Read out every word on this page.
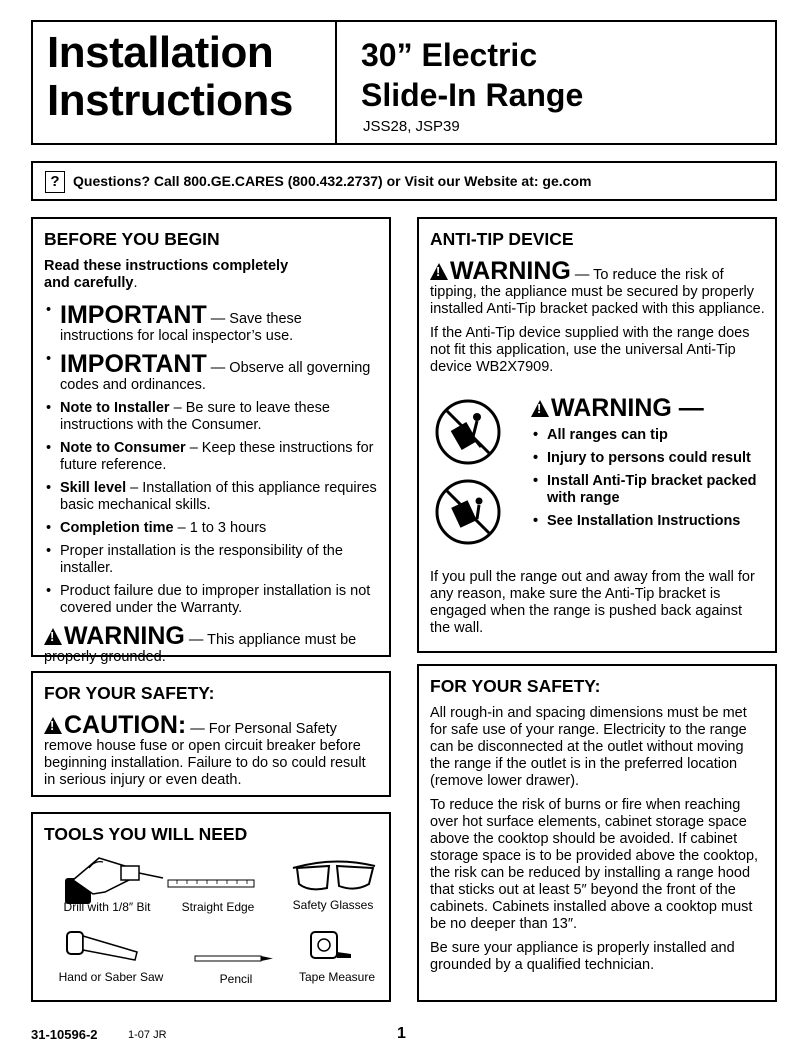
Installation
Instructions
30” Electric
Slide-In Range
JSS28, JSP39
? Questions? Call 800.GE.CARES (800.432.2737) or Visit our Website at: ge.com
BEFORE YOU BEGIN
Read these instructions completely and carefully.
• IMPORTANT — Save these instructions for local inspector’s use.
• IMPORTANT — Observe all governing codes and ordinances.
• Note to Installer – Be sure to leave these instructions with the Consumer.
• Note to Consumer – Keep these instructions for future reference.
• Skill level – Installation of this appliance requires basic mechanical skills.
• Completion time – 1 to 3 hours
• Proper installation is the responsibility of the installer.
• Product failure due to improper installation is not covered under the Warranty.
!WARNING — This appliance must be properly grounded.
FOR YOUR SAFETY:
!CAUTION: — For Personal Safety remove house fuse or open circuit breaker before beginning installation. Failure to do so could result in serious injury or even death.
TOOLS YOU WILL NEED
Drill with 1/8″ Bit	Straight Edge	Safety Glasses
Hand or Saber Saw	Pencil	Tape Measure
ANTI-TIP DEVICE
!WARNING — To reduce the risk of tipping, the appliance must be secured by properly installed Anti-Tip bracket packed with this appliance.
If the Anti-Tip device supplied with the range does not fit this application, use the universal Anti-Tip device WB2X7909.
!WARNING —
• All ranges can tip
• Injury to persons could result
• Install Anti-Tip bracket packed with range
• See Installation Instructions
If you pull the range out and away from the wall for any reason, make sure the Anti-Tip bracket is engaged when the range is pushed back against the wall.
FOR YOUR SAFETY:
All rough-in and spacing dimensions must be met for safe use of your range. Electricity to the range can be disconnected at the outlet without moving the range if the outlet is in the preferred location (remove lower drawer).
To reduce the risk of burns or fire when reaching over hot surface elements, cabinet storage space above the cooktop should be avoided. If cabinet storage space is to be provided above the cooktop, the risk can be reduced by installing a range hood that sticks out at least 5″ beyond the front of the cabinets. Cabinets installed above a cooktop must be no deeper than 13″.
Be sure your appliance is properly installed and grounded by a qualified technician.
31-10596-2	1-07 JR	1
